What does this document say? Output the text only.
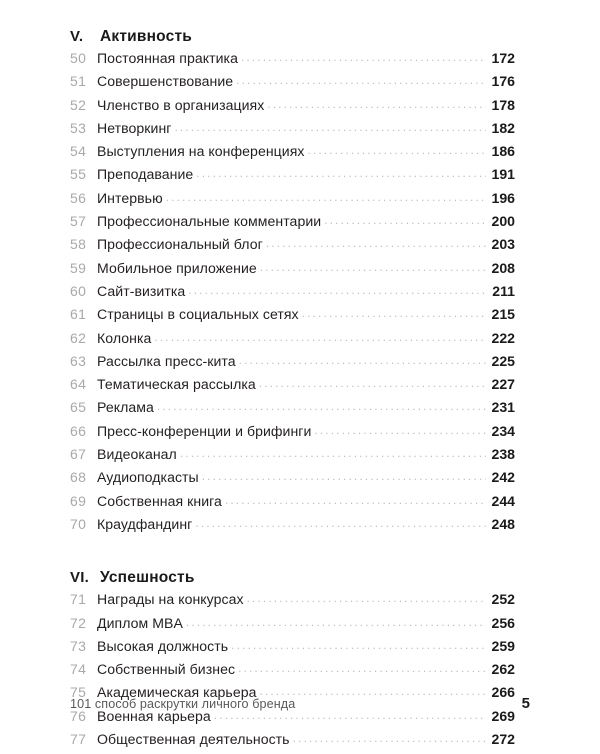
V.	Активность
50 Постоянная практика .....	172
51 Совершенствование .....	176
52 Членство в организациях .....	178
53 Нетворкинг .....	182
54 Выступления на конференциях .....	186
55 Преподавание .....	191
56 Интервью .....	196
57 Профессиональные комментарии .....	200
58 Профессиональный блог .....	203
59 Мобильное приложение .....	208
60 Сайт-визитка .....	211
61 Страницы в социальных сетях .....	215
62 Колонка .....	222
63 Рассылка пресс-кита .....	225
64 Тематическая рассылка .....	227
65 Реклама .....	231
66 Пресс-конференции и брифинги .....	234
67 Видеоканал .....	238
68 Аудиоподкасты .....	242
69 Собственная книга .....	244
70 Краудфандинг .....	248
VI. Успешность
71 Награды на конкурсах .....	252
72 Диплом MBA .....	256
73 Высокая должность .....	259
74 Собственный бизнес .....	262
75 Академическая карьера .....	266
76 Военная карьера .....	269
77 Общественная деятельность .....	272
101 способ раскрутки личного бренда	5
